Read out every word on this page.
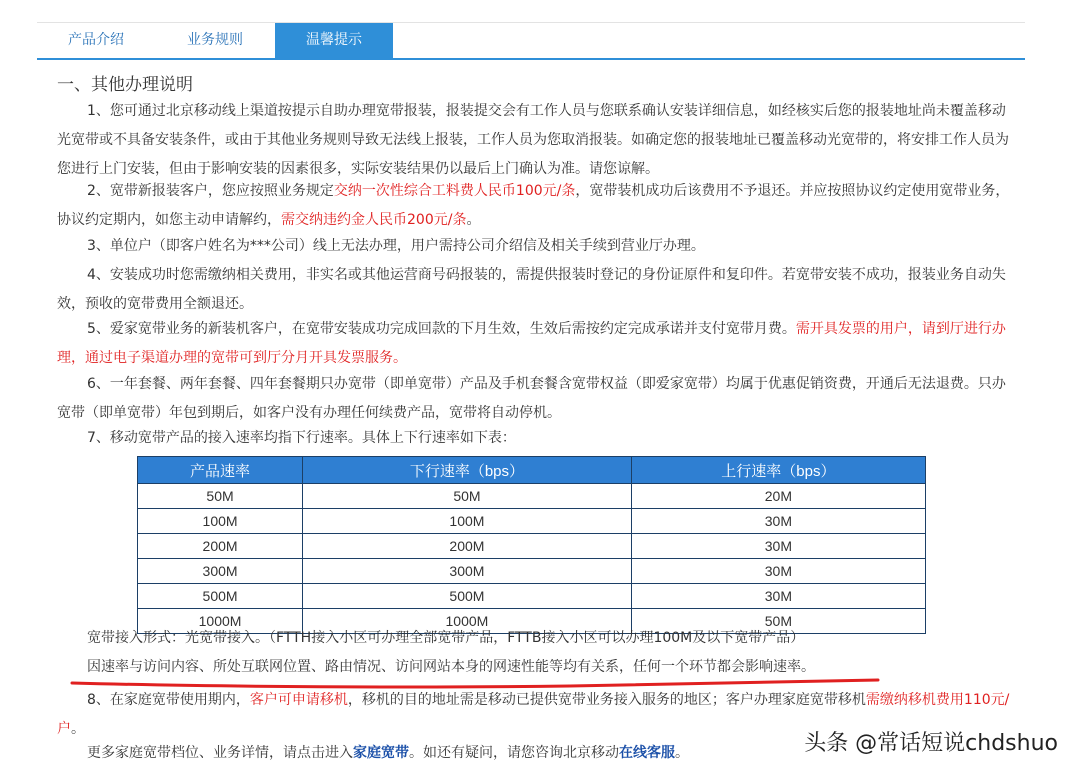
产品介绍	业务规则	温馨提示
一、其他办理说明
1、您可通过北京移动线上渠道按提示自助办理宽带报装，报装提交会有工作人员与您联系确认安装详细信息，如经核实后您的报装地址尚未覆盖移动光宽带或不具备安装条件，或由于其他业务规则导致无法线上报装，工作人员为您取消报装。如确定您的报装地址已覆盖移动光宽带的，将安排工作人员为您进行上门安装，但由于影响安装的因素很多，实际安装结果仍以最后上门确认为准。请您谅解。
2、宽带新报装客户，您应按照业务规定交纳一次性综合工料费人民币100元/条，宽带装机成功后该费用不予退还。并应按照协议约定使用宽带业务，协议约定期内，如您主动申请解约，需交纳违约金人民币200元/条。
3、单位户（即客户姓名为***公司）线上无法办理，用户需持公司介绍信及相关手续到营业厅办理。
4、安装成功时您需缴纳相关费用，非实名或其他运营商号码报装的，需提供报装时登记的身份证原件和复印件。若宽带安装不成功，报装业务自动失效，预收的宽带费用全额退还。
5、爱家宽带业务的新装机客户，在宽带安装成功完成回款的下月生效，生效后需按约定完成承诺并支付宽带月费。需开具发票的用户，请到厅进行办理，通过电子渠道办理的宽带可到厅分月开具发票服务。
6、一年套餐、两年套餐、四年套餐期只办宽带（即单宽带）产品及手机套餐含宽带权益（即爱家宽带）均属于优惠促销资费，开通后无法退费。只办宽带（即单宽带）年包到期后，如客户没有办理任何续费产品，宽带将自动停机。
7、移动宽带产品的接入速率均指下行速率。具体上下行速率如下表：
产品速率	下行速率（bps）	上行速率（bps）
50M	50M	20M
100M	100M	30M
200M	200M	30M
300M	300M	30M
500M	500M	30M
1000M	1000M	50M
宽带接入形式：光宽带接入。（FTTH接入小区可办理全部宽带产品，FTTB接入小区可以办理100M及以下宽带产品）
因速率与访问内容、所处互联网位置、路由情况、访问网站本身的网速性能等均有关系，任何一个环节都会影响速率。
8、在家庭宽带使用期内，客户可申请移机，移机的目的地址需是移动已提供宽带业务接入服务的地区；客户办理家庭宽带移机需缴纳移机费用110元/户。
更多家庭宽带档位、业务详情，请点击进入家庭宽带。如还有疑问，请您咨询北京移动在线客服。	头条 @常话短说chdshuo
